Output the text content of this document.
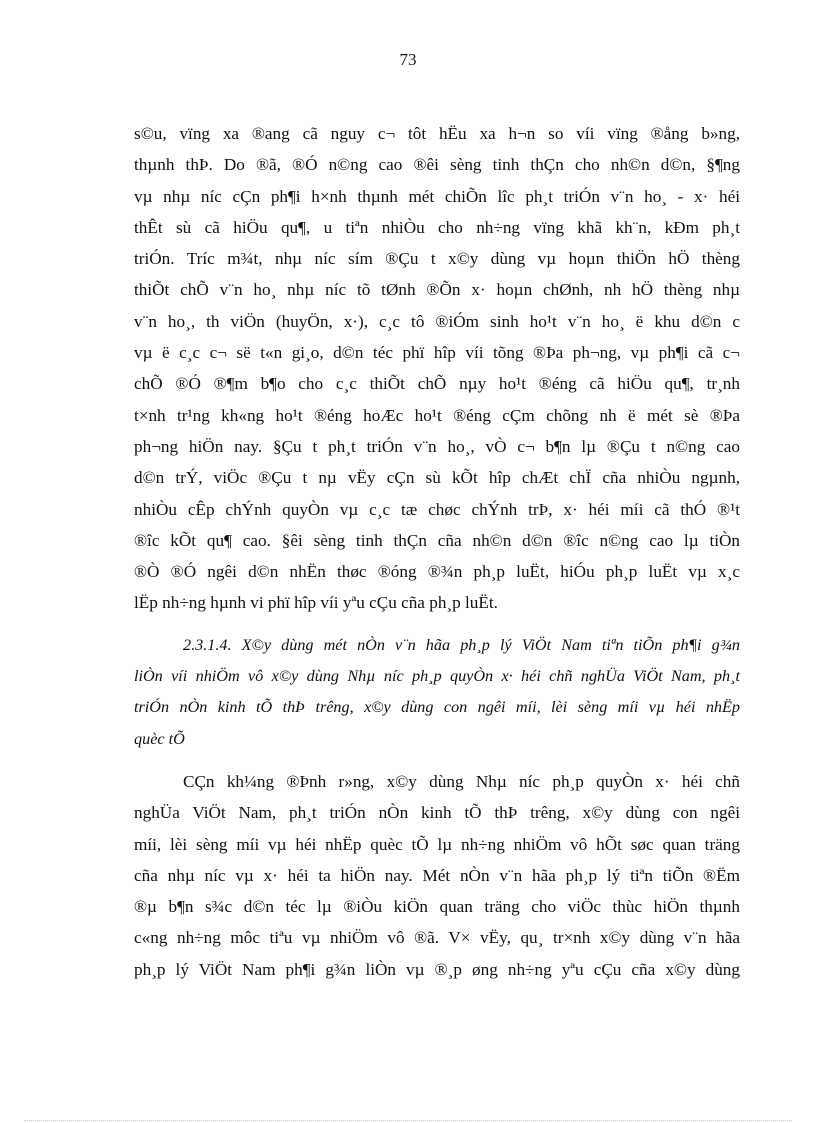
73
s©u, vïng xa ®ang cã nguy c¬ tôt hËu xa h¬n so víi vïng ®ång b»ng,
thµnh thÞ. Do ®ã, ®Ó n©ng cao ®êi sèng tinh thÇn cho nh©n d©n, §¶ng
vµ nhµ níc cÇn ph¶i h×nh thµnh mét chiÕn lîc ph¸t triÓn v¨n ho¸ - x· héi
thÊt sù cã hiÖu qu¶, u tiªn nhiÒu cho nh÷ng vïng khã kh¨n, kÐm ph¸t
triÓn. Tríc m¾t, nhµ níc sím ®Çu t x©y dùng vµ hoµn thiÖn hÖ thèng
thiÕt chÕ v¨n ho¸ nhµ níc tõ tØnh ®Õn x· hoµn chØnh, nh hÖ thèng nhµ
v¨n ho¸, th viÖn (huyÖn, x·), c¸c tô ®iÓm sinh ho¹t v¨n ho¸ ë khu d©n c
vµ ë c¸c c¬ së t«n gi¸o, d©n téc phï hîp víi tõng ®Þa ph¬ng, vµ ph¶i cã c¬
chÕ ®Ó ®¶m b¶o cho c¸c thiÕt chÕ nµy ho¹t ®éng cã hiÖu qu¶, tr¸nh
t×nh tr¹ng kh«ng ho¹t ®éng hoÆc ho¹t ®éng cÇm chõng nh ë mét sè ®Þa
ph¬ng hiÖn nay. §Çu t ph¸t triÓn v¨n ho¸, vÒ c¬ b¶n lµ ®Çu t n©ng cao
d©n trÝ, viÖc ®Çu t nµ vËy cÇn sù kÕt hîp chÆt chÏ cña nhiÒu ngµnh,
nhiÒu cÊp chÝnh quyÒn vµ c¸c tæ chøc chÝnh trÞ, x· héi míi cã thÓ ®¹t
®îc kÕt qu¶ cao. §êi sèng tinh thÇn cña nh©n d©n ®îc n©ng cao lµ tiÒn
®Ò ®Ó ngêi d©n nhËn thøc ®óng ®¾n ph¸p luËt, hiÓu ph¸p luËt vµ x¸c
lËp nh÷ng hµnh vi phï hîp víi yªu cÇu cña ph¸p luËt.
2.3.1.4. X©y dùng mét nÒn v¨n hãa ph¸p lý ViÖt Nam tiªn tiÕn ph¶i g¾n
liÒn víi nhiÖm vô x©y dùng Nhµ níc ph¸p quyÒn x· héi chñ nghÜa ViÖt Nam, ph¸t
triÓn nÒn kinh tÕ thÞ trêng, x©y dùng con ngêi míi, lèi sèng míi vµ héi nhËp
quèc tÕ
CÇn kh¼ng ®Þnh r»ng, x©y dùng Nhµ níc ph¸p quyÒn x· héi chñ
nghÜa ViÖt Nam, ph¸t triÓn nÒn kinh tÕ thÞ trêng, x©y dùng con ngêi
míi, lèi sèng míi vµ héi nhËp quèc tÕ lµ nh÷ng nhiÖm vô hÕt søc quan träng
cña nhµ níc vµ x· héi ta hiÖn nay. Mét nÒn v¨n hãa ph¸p lý tiªn tiÕn ®Ëm
®µ b¶n s¾c d©n téc lµ ®iÒu kiÖn quan träng cho viÖc thùc hiÖn thµnh
c«ng nh÷ng môc tiªu vµ nhiÖm vô ®ã. V× vËy, qu¸ tr×nh x©y dùng v¨n hãa
ph¸p lý ViÖt Nam ph¶i g¾n liÒn vµ ®¸p øng nh÷ng yªu cÇu cña x©y dùng
